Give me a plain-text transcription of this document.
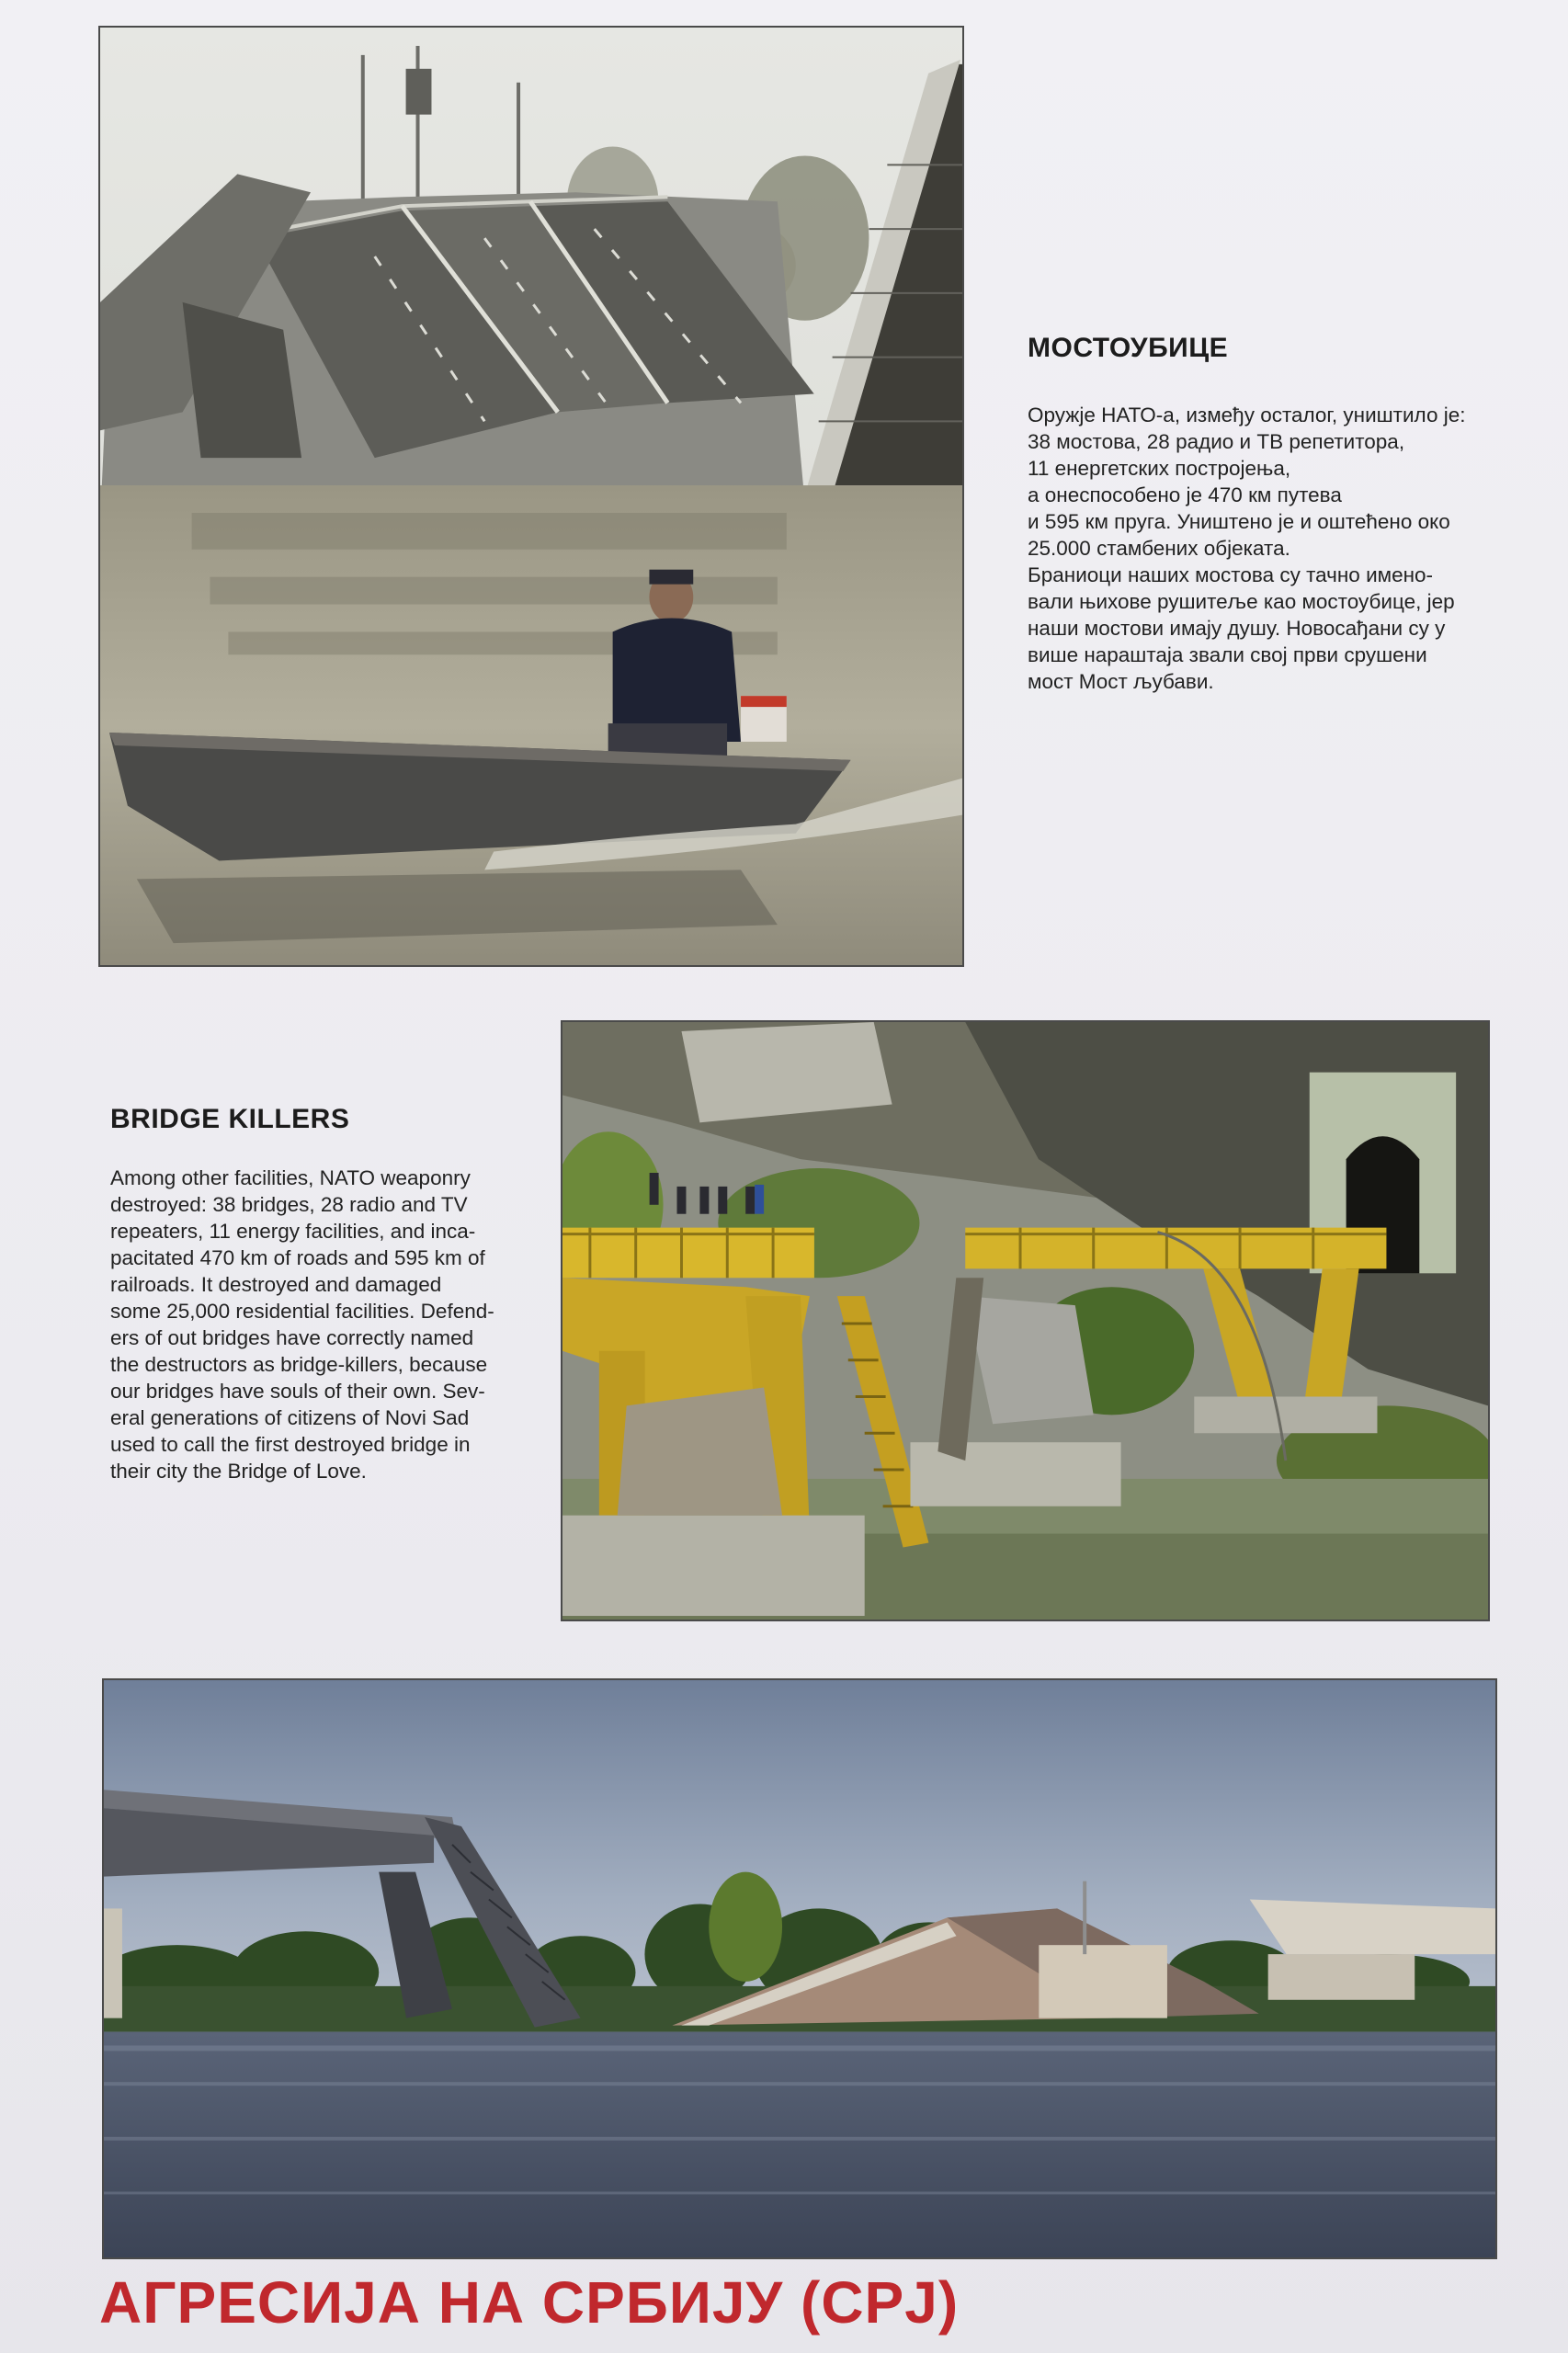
МОСТОУБИЦЕ

Оружје НАТО-а, између осталог, уништило је:
38 мостова, 28 радио и ТВ репетитора,
11 енергетских постројења,
а онеспособено је 470 км путева
и 595 км пруга. Уништено је и оштећено око
25.000 стамбених објеката.
Браниоци наших мостова су тачно имено-
вали њихове рушитеље као мостоубице, јер
наши мостови имају душу. Новосађани су у
више нараштаја звали свој први срушени
мост Мост љубави.

BRIDGE KILLERS

Among other facilities, NATO weaponry
destroyed: 38 bridges, 28 radio and TV
repeaters, 11 energy facilities, and inca-
pacitated 470 km of roads and 595 km of
railroads. It destroyed and damaged
some 25,000 residential facilities. Defend-
ers of out bridges have correctly named
the destructors as bridge-killers, because
our bridges have souls of their own. Sev-
eral generations of citizens of Novi Sad
used to call the first destroyed bridge in
their city the Bridge of Love.

АГРЕСИЈА НА СРБИЈУ (СРЈ)
